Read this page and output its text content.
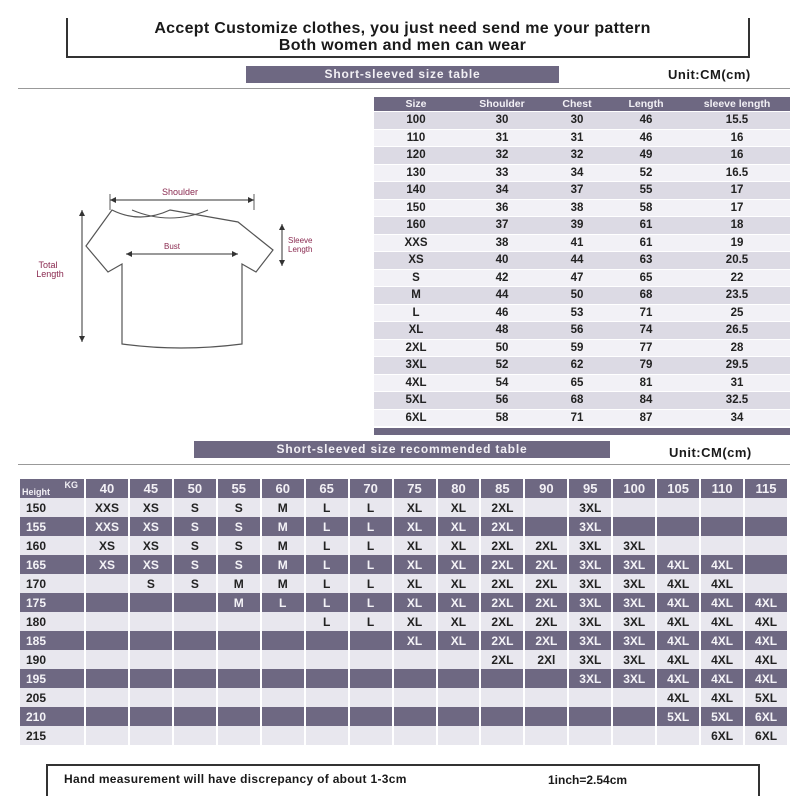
Accept Customize clothes, you just need send me your pattern
Both women and men can wear
Short-sleeved size table	Unit:CM(cm)
Shoulder
Bust
Sleeve
Length
Total
Length
Size	Shoulder	Chest	Length	sleeve length
100	30	30	46	15.5
110	31	31	46	16
120	32	32	49	16
130	33	34	52	16.5
140	34	37	55	17
150	36	38	58	17
160	37	39	61	18
XXS	38	41	61	19
XS	40	44	63	20.5
S	42	47	65	22
M	44	50	68	23.5
L	46	53	71	25
XL	48	56	74	26.5
2XL	50	59	77	28
3XL	52	62	79	29.5
4XL	54	65	81	31
5XL	56	68	84	32.5
6XL	58	71	87	34
Short-sleeved size recommended table	Unit:CM(cm)
KG
Height	40	45	50	55	60	65	70	75	80	85	90	95	100	105	110	115
150	XXS	XS	S	S	M	L	L	XL	XL	2XL		3XL				
155	XXS	XS	S	S	M	L	L	XL	XL	2XL		3XL				
160	XS	XS	S	S	M	L	L	XL	XL	2XL	2XL	3XL	3XL			
165	XS	XS	S	S	M	L	L	XL	XL	2XL	2XL	3XL	3XL	4XL	4XL	
170		S	S	M	M	L	L	XL	XL	2XL	2XL	3XL	3XL	4XL	4XL	
175				M	L	L	L	XL	XL	2XL	2XL	3XL	3XL	4XL	4XL	4XL
180						L	L	XL	XL	2XL	2XL	3XL	3XL	4XL	4XL	4XL
185								XL	XL	2XL	2XL	3XL	3XL	4XL	4XL	4XL
190										2XL	2Xl	3XL	3XL	4XL	4XL	4XL
195												3XL	3XL	4XL	4XL	4XL
205														4XL	4XL	5XL
210														5XL	5XL	6XL
215															6XL	6XL
Hand measurement will have discrepancy of about 1-3cm	1inch=2.54cm
